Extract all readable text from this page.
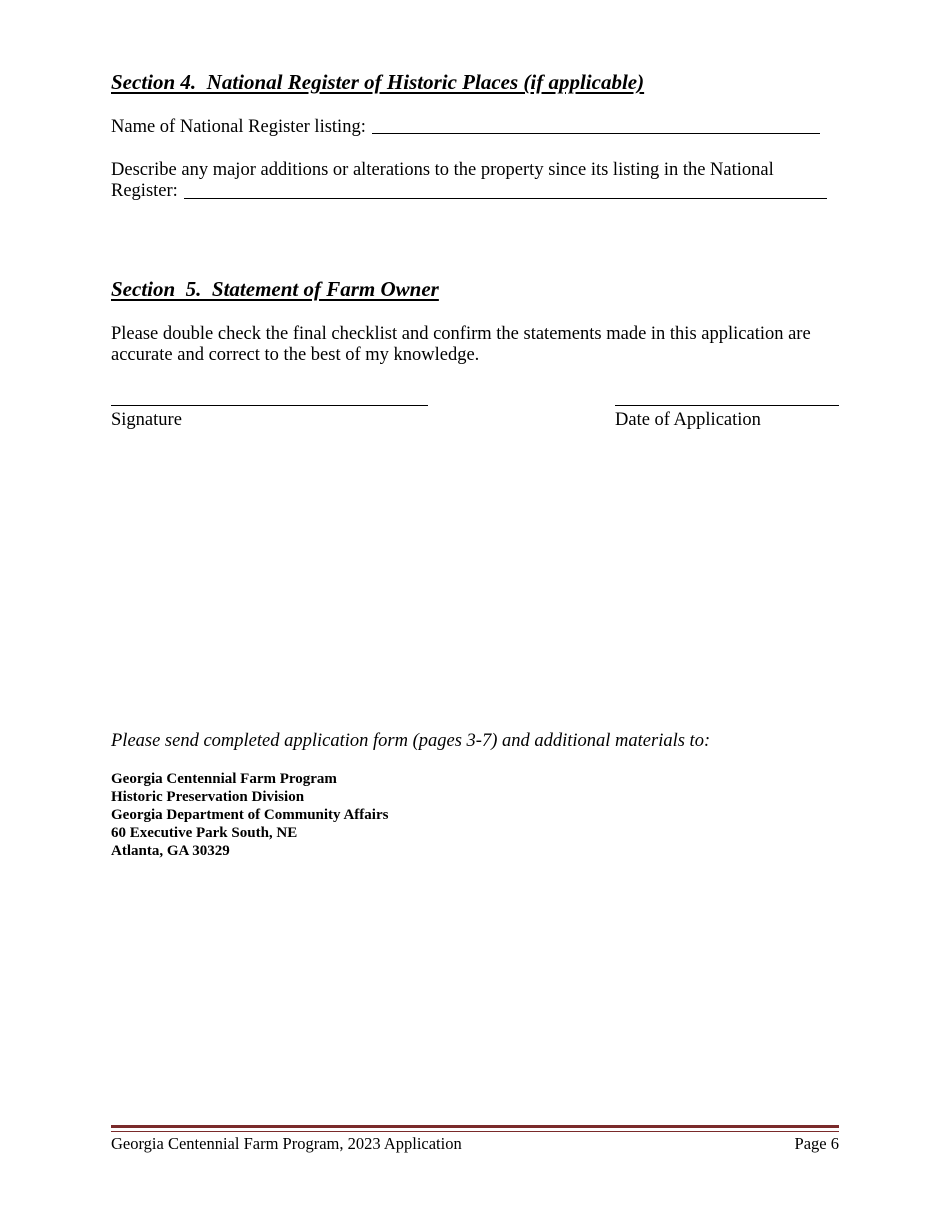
Section 4.  National Register of Historic Places (if applicable)
Name of National Register listing:
Describe any major additions or alterations to the property since its listing in the National
Register:
Section  5.  Statement of Farm Owner
Please double check the final checklist and confirm the statements made in this application are accurate and correct to the best of my knowledge.
Signature	Date of Application
Please send completed application form (pages 3-7) and additional materials to:
Georgia Centennial Farm Program
Historic Preservation Division
Georgia Department of Community Affairs
60 Executive Park South, NE
Atlanta, GA 30329
Georgia Centennial Farm Program, 2023 Application	Page 6
